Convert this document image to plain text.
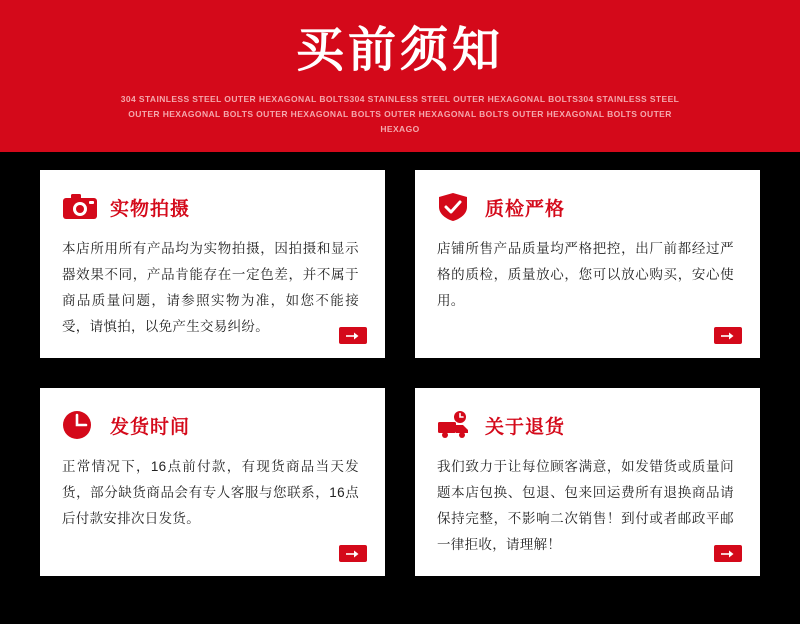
买前须知
304 STAINLESS STEEL OUTER HEXAGONAL BOLTS304 STAINLESS STEEL OUTER HEXAGONAL BOLTS304 STAINLESS STEEL OUTER HEXAGONAL BOLTS OUTER HEXAGONAL BOLTS OUTER HEXAGONAL BOLTS OUTER HEXAGONAL BOLTS OUTER HEXAGO
实物拍摄
本店所用所有产品均为实物拍摄，因拍摄和显示器效果不同，产品肯能存在一定色差，并不属于商品质量问题，请参照实物为准，如您不能接受，请慎拍，以免产生交易纠纷。
质检严格
店铺所售产品质量均严格把控，出厂前都经过严格的质检，质量放心，您可以放心购买，安心使用。
发货时间
正常情况下，16点前付款，有现货商品当天发货，部分缺货商品会有专人客服与您联系，16点后付款安排次日发货。
关于退货
我们致力于让每位顾客满意，如发错货或质量问题本店包换、包退、包来回运费所有退换商品请保持完整，不影响二次销售！到付或者邮政平邮一律拒收，请理解！
